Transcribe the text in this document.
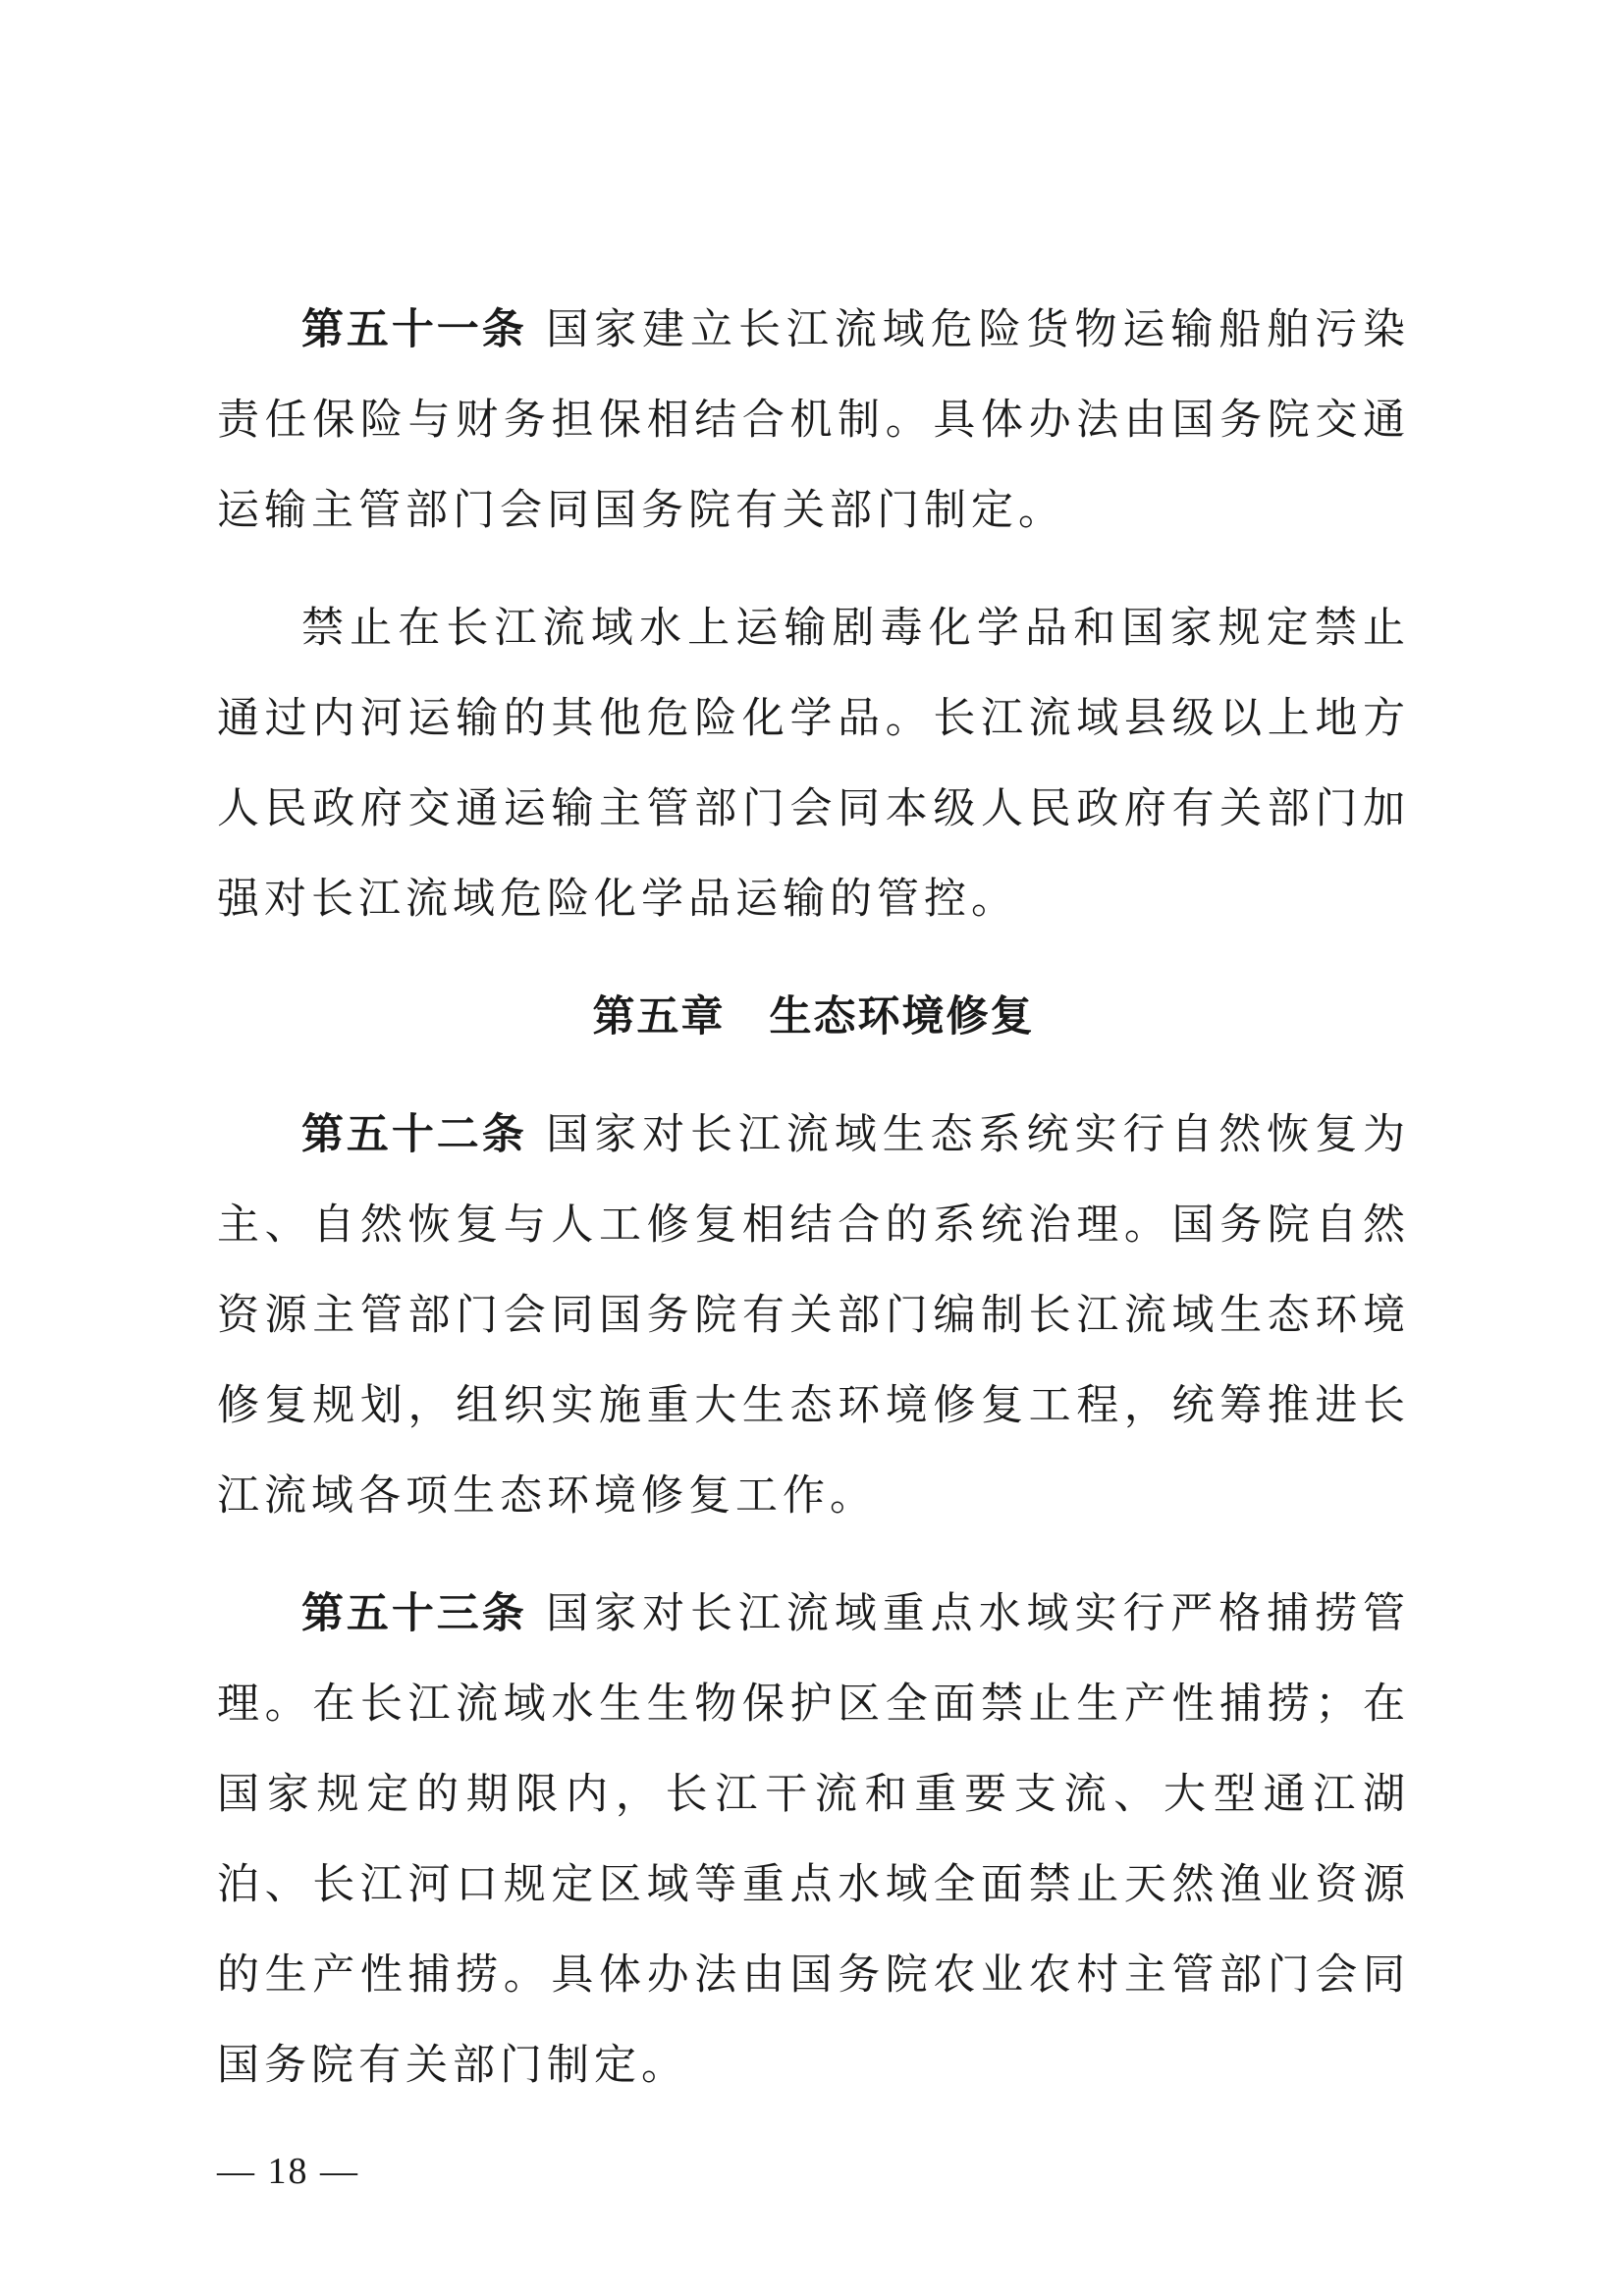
第五十一条 国家建立长江流域危险货物运输船舶污染责任保险与财务担保相结合机制。具体办法由国务院交通运输主管部门会同国务院有关部门制定。

禁止在长江流域水上运输剧毒化学品和国家规定禁止通过内河运输的其他危险化学品。长江流域县级以上地方人民政府交通运输主管部门会同本级人民政府有关部门加强对长江流域危险化学品运输的管控。

第五章　生态环境修复

第五十二条 国家对长江流域生态系统实行自然恢复为主、自然恢复与人工修复相结合的系统治理。国务院自然资源主管部门会同国务院有关部门编制长江流域生态环境修复规划，组织实施重大生态环境修复工程，统筹推进长江流域各项生态环境修复工作。

第五十三条 国家对长江流域重点水域实行严格捕捞管理。在长江流域水生生物保护区全面禁止生产性捕捞；在国家规定的期限内，长江干流和重要支流、大型通江湖泊、长江河口规定区域等重点水域全面禁止天然渔业资源的生产性捕捞。具体办法由国务院农业农村主管部门会同国务院有关部门制定。

— 18 —
